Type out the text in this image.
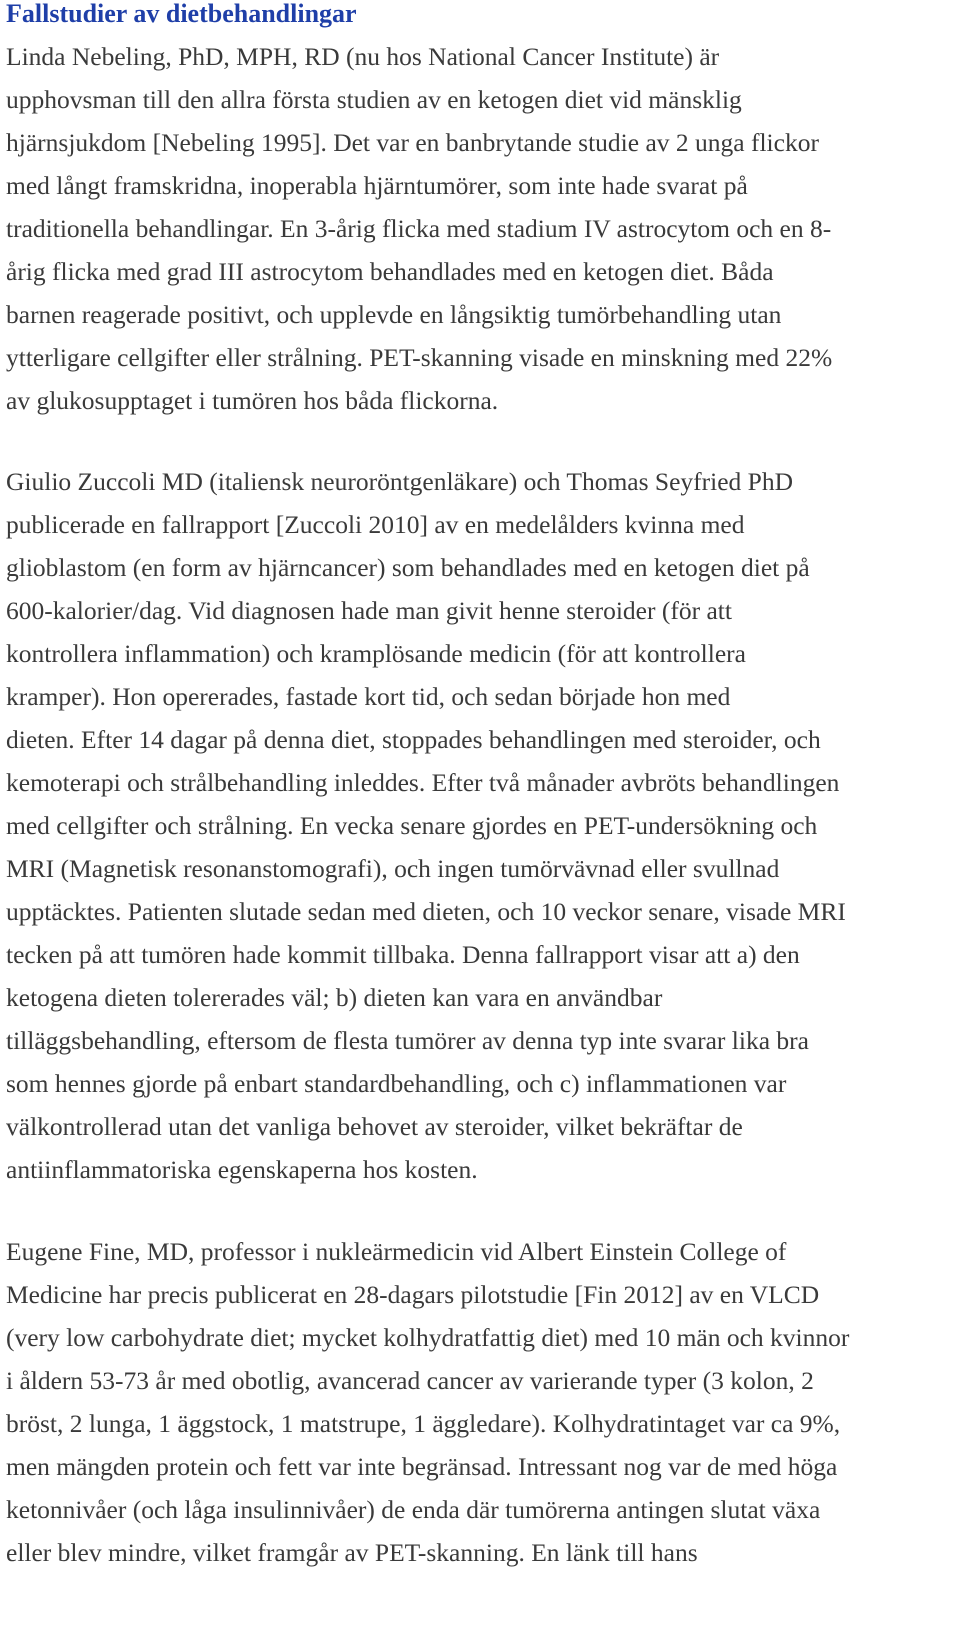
Fallstudier av dietbehandlingar

Linda Nebeling, PhD, MPH, RD (nu hos National Cancer Institute) är
upphovsman till den allra första studien av en ketogen diet vid mänsklig
hjärnsjukdom [Nebeling 1995]. Det var en banbrytande studie av 2 unga flickor
med långt framskridna, inoperabla hjärntumörer, som inte hade svarat på
traditionella behandlingar. En 3-årig flicka med stadium IV astrocytom och en 8-
årig flicka med grad III astrocytom behandlades med en ketogen diet. Båda
barnen reagerade positivt, och upplevde en långsiktig tumörbehandling utan
ytterligare cellgifter eller strålning. PET-skanning visade en minskning med 22%
av glukosupptaget i tumören hos båda flickorna.

Giulio Zuccoli MD (italiensk neuroröntgenläkare) och Thomas Seyfried PhD
publicerade en fallrapport [Zuccoli 2010] av en medelålders kvinna med
glioblastom (en form av hjärncancer) som behandlades med en ketogen diet på
600-kalorier/dag. Vid diagnosen hade man givit henne steroider (för att
kontrollera inflammation) och kramplösande medicin (för att kontrollera
kramper). Hon opererades, fastade kort tid, och sedan började hon med
dieten. Efter 14 dagar på denna diet, stoppades behandlingen med steroider, och
kemoterapi och strålbehandling inleddes. Efter två månader avbröts behandlingen
med cellgifter och strålning. En vecka senare gjordes en PET-undersökning och
MRI (Magnetisk resonanstomografi), och ingen tumörvävnad eller svullnad
upptäcktes. Patienten slutade sedan med dieten, och 10 veckor senare, visade MRI
tecken på att tumören hade kommit tillbaka. Denna fallrapport visar att a) den
ketogena dieten tolererades väl; b) dieten kan vara en användbar
tilläggsbehandling, eftersom de flesta tumörer av denna typ inte svarar lika bra
som hennes gjorde på enbart standardbehandling, och c) inflammationen var
välkontrollerad utan det vanliga behovet av steroider, vilket bekräftar de
antiinflammatoriska egenskaperna hos kosten.

Eugene Fine, MD, professor i nukleärmedicin vid Albert Einstein College of
Medicine har precis publicerat en 28-dagars pilotstudie [Fin 2012] av en VLCD
(very low carbohydrate diet; mycket kolhydratfattig diet) med 10 män och kvinnor
i åldern 53-73 år med obotlig, avancerad cancer av varierande typer (3 kolon, 2
bröst, 2 lunga, 1 äggstock, 1 matstrupe, 1 äggledare). Kolhydratintaget var ca 9%,
men mängden protein och fett var inte begränsad. Intressant nog var de med höga
ketonnivåer (och låga insulinnivåer) de enda där tumörerna antingen slutat växa
eller blev mindre, vilket framgår av PET-skanning. En länk till hans
